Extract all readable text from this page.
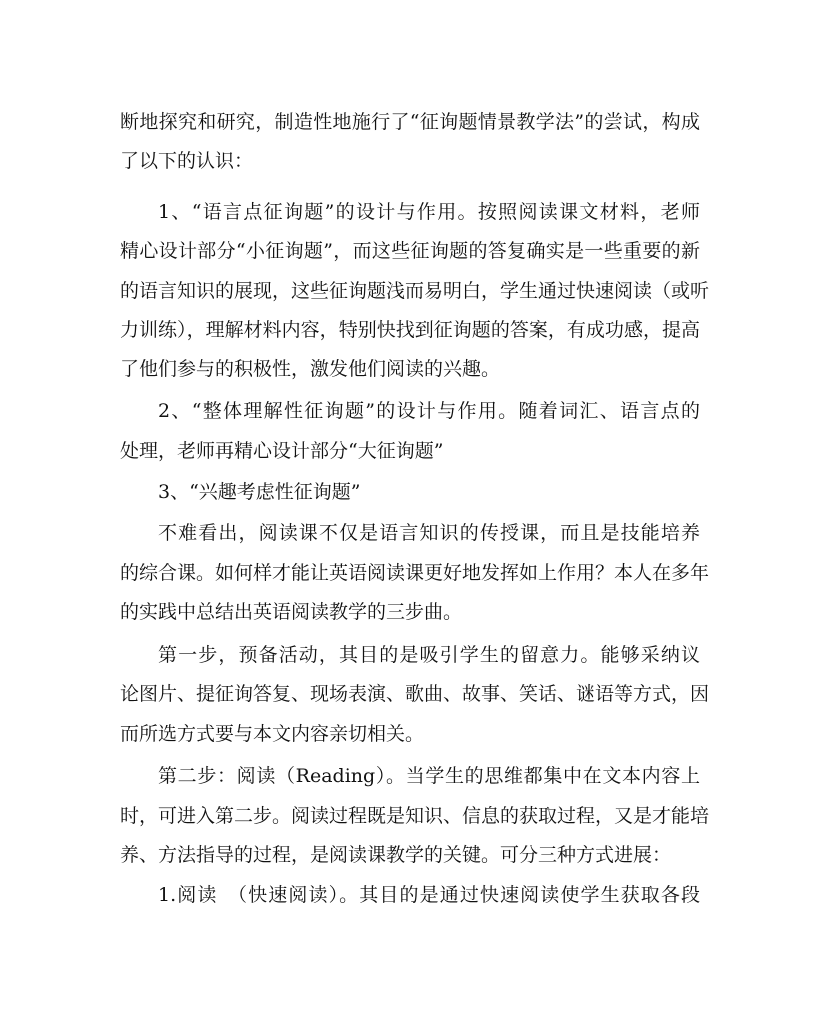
断地探究和研究，制造性地施行了“征询题情景教学法”的尝试，构成
了以下的认识：
1、“语言点征询题”的设计与作用。按照阅读课文材料，老师
精心设计部分“小征询题”，而这些征询题的答复确实是一些重要的新
的语言知识的展现，这些征询题浅而易明白，学生通过快速阅读（或听
力训练），理解材料内容，特别快找到征询题的答案，有成功感，提高
了他们参与的积极性，激发他们阅读的兴趣。
2、“整体理解性征询题”的设计与作用。随着词汇、语言点的
处理，老师再精心设计部分“大征询题”
3、“兴趣考虑性征询题”
不难看出，阅读课不仅是语言知识的传授课，而且是技能培养
的综合课。如何样才能让英语阅读课更好地发挥如上作用？本人在多年
的实践中总结出英语阅读教学的三步曲。
第一步，预备活动，其目的是吸引学生的留意力。能够采纳议
论图片、提征询答复、现场表演、歌曲、故事、笑话、谜语等方式，因
而所选方式要与本文内容亲切相关。
第二步：阅读（Reading）。当学生的思维都集中在文本内容上
时，可进入第二步。阅读过程既是知识、信息的获取过程，又是才能培
养、方法指导的过程，是阅读课教学的关键。可分三种方式进展：
1.阅读　（快速阅读）。其目的是通过快速阅读使学生获取各段
